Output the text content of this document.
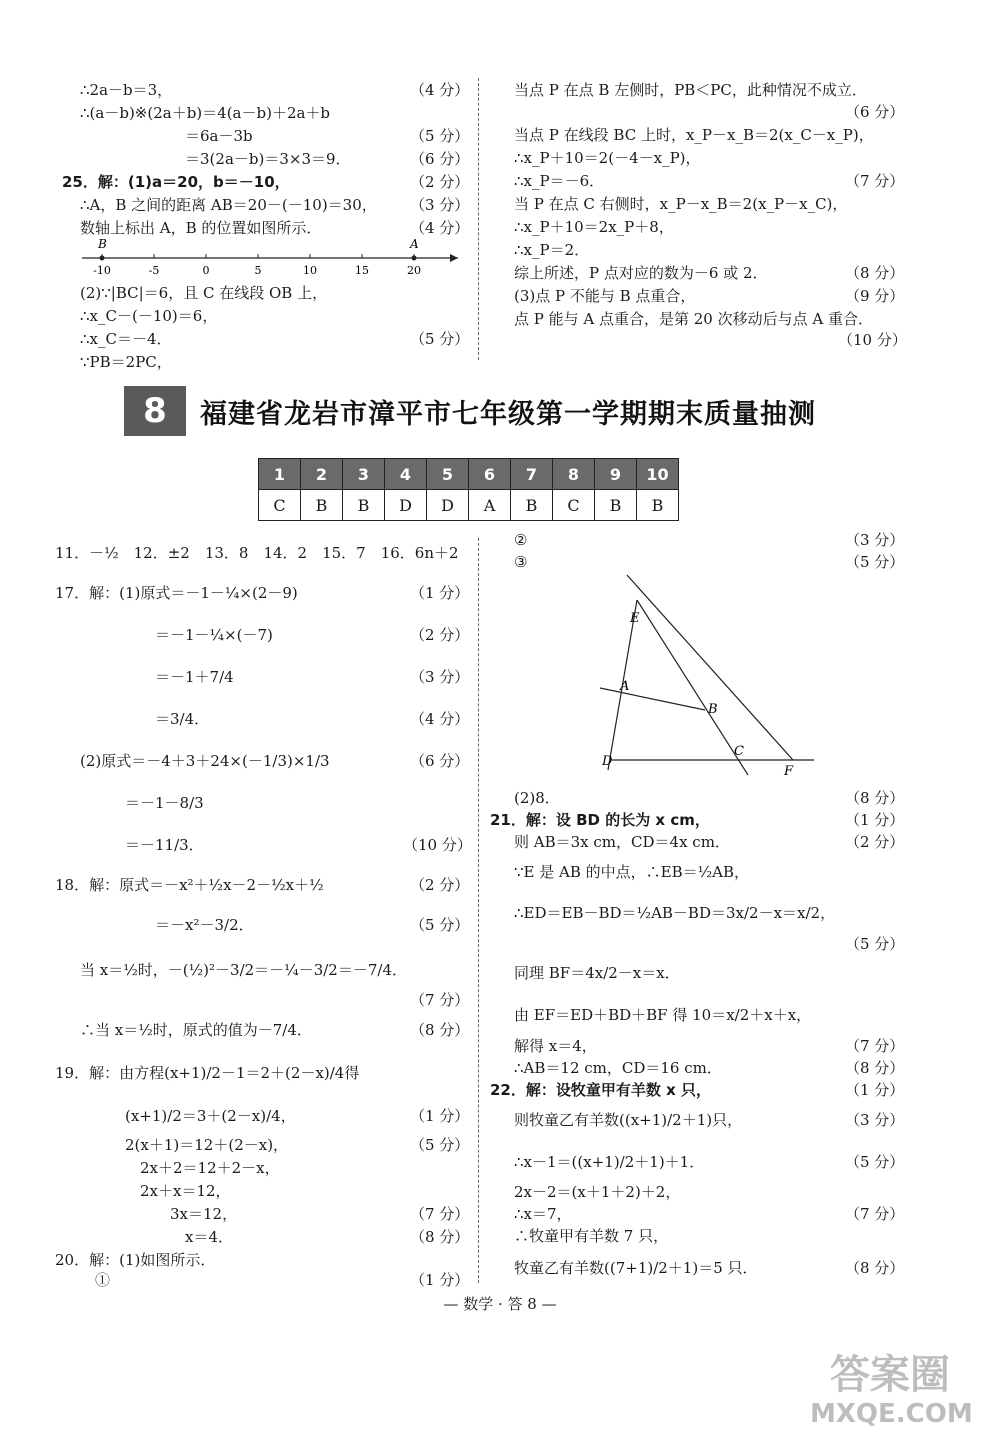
∴2a－b＝3，	（4 分）
∴(a－b)※(2a＋b)＝4(a－b)＋2a＋b
　　　　　　　＝6a－3b	（5 分）
　　　　　　　＝3(2a－b)＝3×3＝9．	（6 分）
25．解：(1)a＝20，b＝－10，	（2 分）
∴A，B 之间的距离 AB＝20－(－10)＝30， （3 分）
数轴上标出 A，B 的位置如图所示．	（4 分）
-10	-5	0	5	10	15	20
B	A
(2)∵|BC|＝6，且 C 在线段 OB 上，
∴x_C－(－10)＝6，
∴x_C＝－4．	（5 分）
∵PB＝2PC，
当点 P 在点 B 左侧时，PB＜PC，此种情况不成立．
（6 分）
当点 P 在线段 BC 上时，x_P－x_B＝2(x_C－x_P)，
∴x_P＋10＝2(－4－x_P)，
∴x_P＝－6．	（7 分）
当 P 在点 C 右侧时，x_P－x_B＝2(x_P－x_C)，
∴x_P＋10＝2x_P＋8，
∴x_P＝2．
综上所述，P 点对应的数为－6 或 2．	（8 分）
(3)点 P 不能与 B 点重合，	（9 分）
点 P 能与 A 点重合，是第 20 次移动后与点 A 重合．
（10 分）
8	福建省龙岩市漳平市七年级第一学期期末质量抽测
1	2	3	4	5	6	7	8	9	10
C	B	B	D	D	A	B	C	B	B
11．－½　12．±2　13．8　14．2　15．7　16．6n＋2
17．解：(1)原式＝－1－¼×(2－9)	（1 分）
　　　　　＝－1－¼×(－7)	（2 分）
　　　　　＝－1＋7/4	（3 分）
　　　　　＝3/4．	（4 分）
(2)原式＝－4＋3＋24×(－1/3)×1/3	（6 分）
　　　＝－1－8/3
　　　＝－11/3．	（10 分）
18．解：原式＝－x²＋½x－2－½x＋½	（2 分）
　　　　　＝－x²－3/2．	（5 分）
当 x＝½时，－(½)²－3/2＝－¼－3/2＝－7/4．
（7 分）
∴当 x＝½时，原式的值为－7/4．	（8 分）
19．解：由方程(x+1)/2－1＝2＋(2－x)/4得
　　　(x+1)/2＝3＋(2－x)/4，	（1 分）
　　　2(x＋1)＝12＋(2－x)，	（5 分）
　　　　2x＋2＝12＋2－x，
　　　　2x＋x＝12，
　　　　　　3x＝12，	（7 分）
　　　　　　　x＝4．	（8 分）
20．解：(1)如图所示．
　①	（1 分）
②	（3 分）
③	（5 分）
E
A
B
C
D
F
(2)8．	（8 分）
21．解：设 BD 的长为 x cm，	（1 分）
则 AB＝3x cm，CD＝4x cm．	（2 分）
∵E 是 AB 的中点，∴EB＝½AB，
∴ED＝EB－BD＝½AB－BD＝3x/2－x＝x/2，
（5 分）
同理 BF＝4x/2－x＝x．
由 EF＝ED＋BD＋BF 得 10＝x/2＋x＋x，
解得 x＝4，	（7 分）
∴AB＝12 cm，CD＝16 cm．	（8 分）
22．解：设牧童甲有羊数 x 只，	（1 分）
则牧童乙有羊数((x+1)/2＋1)只，	（3 分）
∴x－1＝((x+1)/2＋1)＋1．	（5 分）
2x－2＝(x＋1＋2)＋2，
∴x＝7，	（7 分）
∴牧童甲有羊数 7 只，
牧童乙有羊数((7+1)/2＋1)＝5 只．	（8 分）
— 数学 · 答 8 —
答案圈
MXQE.COM
